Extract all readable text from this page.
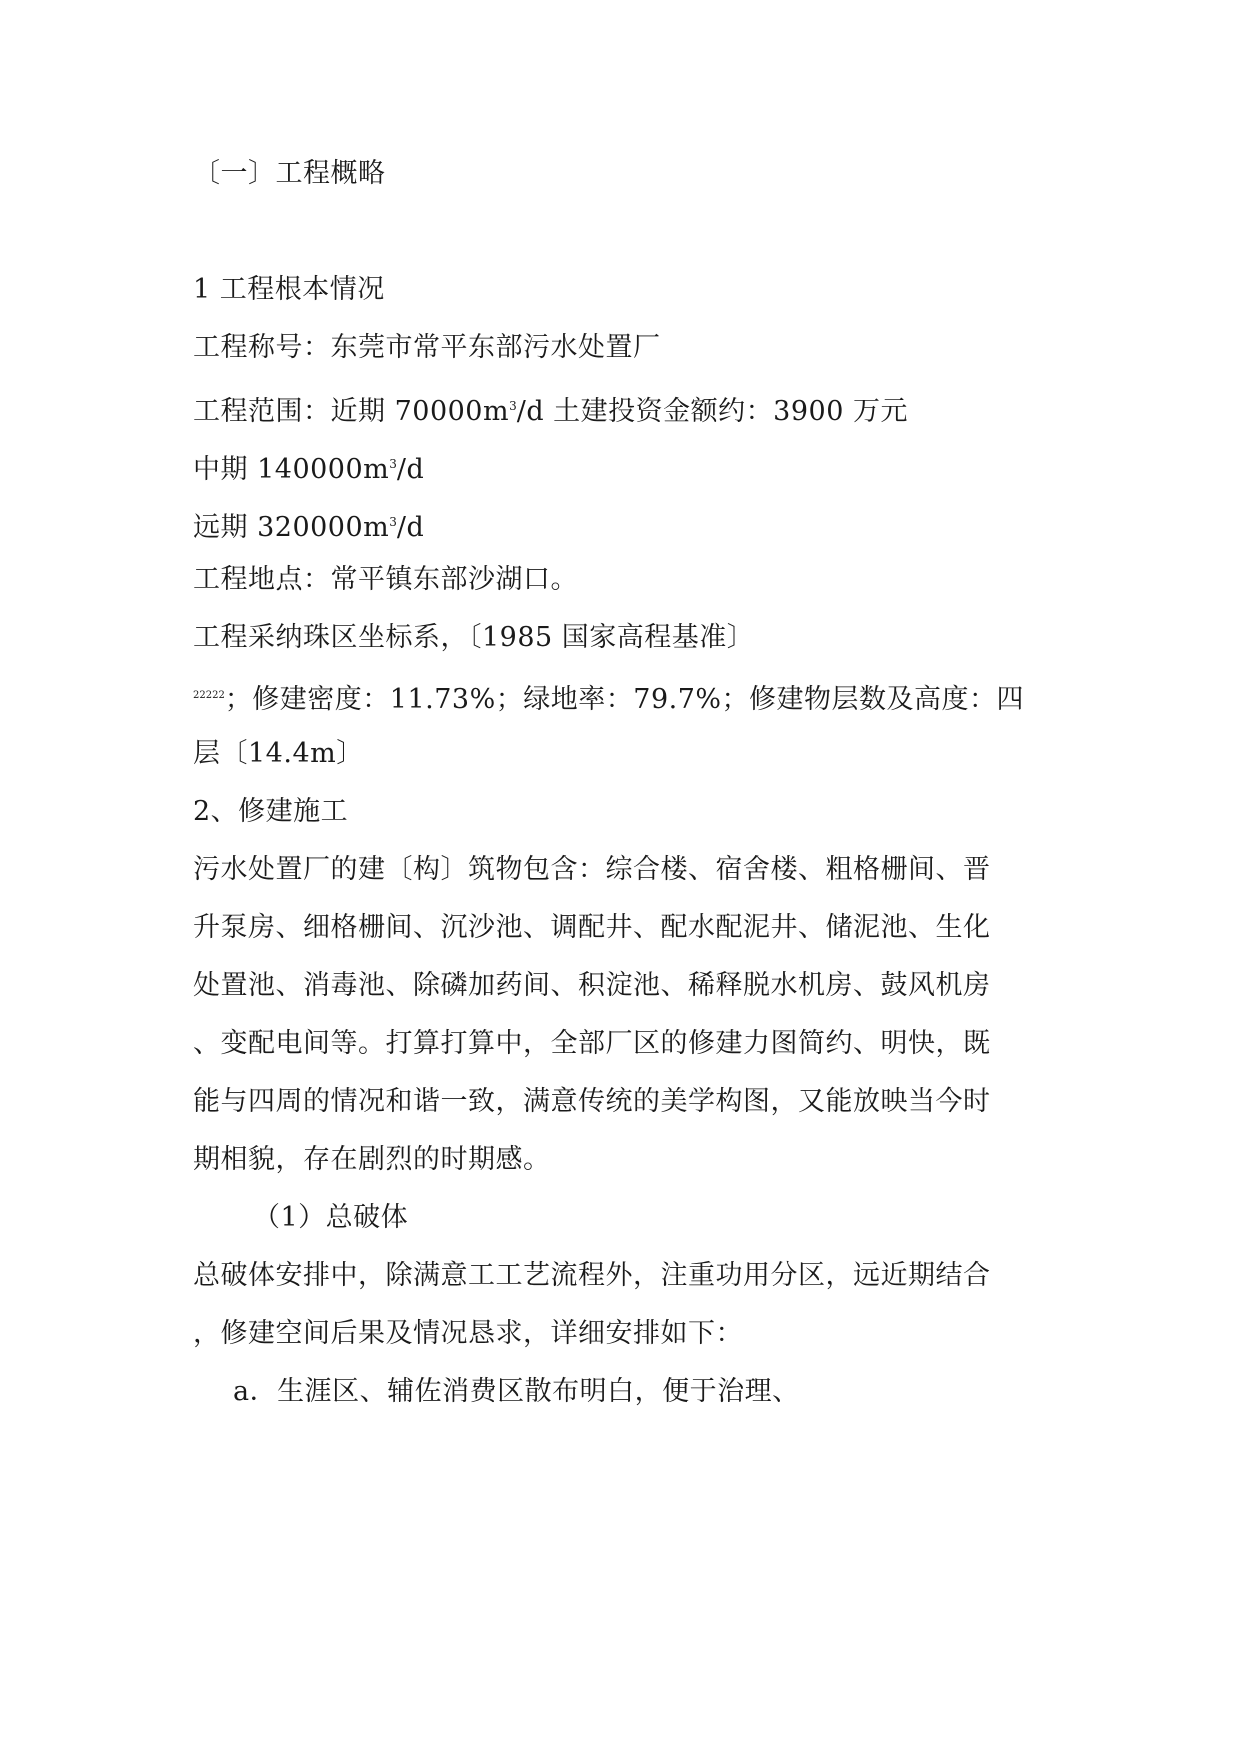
〔一〕工程概略
1 工程根本情况
工程称号：东莞市常平东部污水处置厂
工程范围：近期 $70000m^3/d$ 土建投资金额约：3900 万元
中期 $140000m^3/d$
远期 $320000m^3/d$
工程地点：常平镇东部沙湖口。
工程采纳珠区坐标系，〔1985 国家高程基准〕
$^{22222}$；修建密度：11.73%；绿地率：79.7%；修建物层数及高度：四
层〔14.4m〕
2、修建施工
污水处置厂的建〔构〕筑物包含：综合楼、宿舍楼、粗格栅间、晋
升泵房、细格栅间、沉沙池、调配井、配水配泥井、储泥池、生化
处置池、消毒池、除磷加药间、积淀池、稀释脱水机房、鼓风机房
、变配电间等。打算打算中，全部厂区的修建力图简约、明快，既
能与四周的情况和谐一致，满意传统的美学构图，又能放映当今时
期相貌，存在剧烈的时期感。
（1）总破体
总破体安排中，除满意工工艺流程外，注重功用分区，远近期结合
，修建空间后果及情况恳求，详细安排如下：
a．生涯区、辅佐消费区散布明白，便于治理、
